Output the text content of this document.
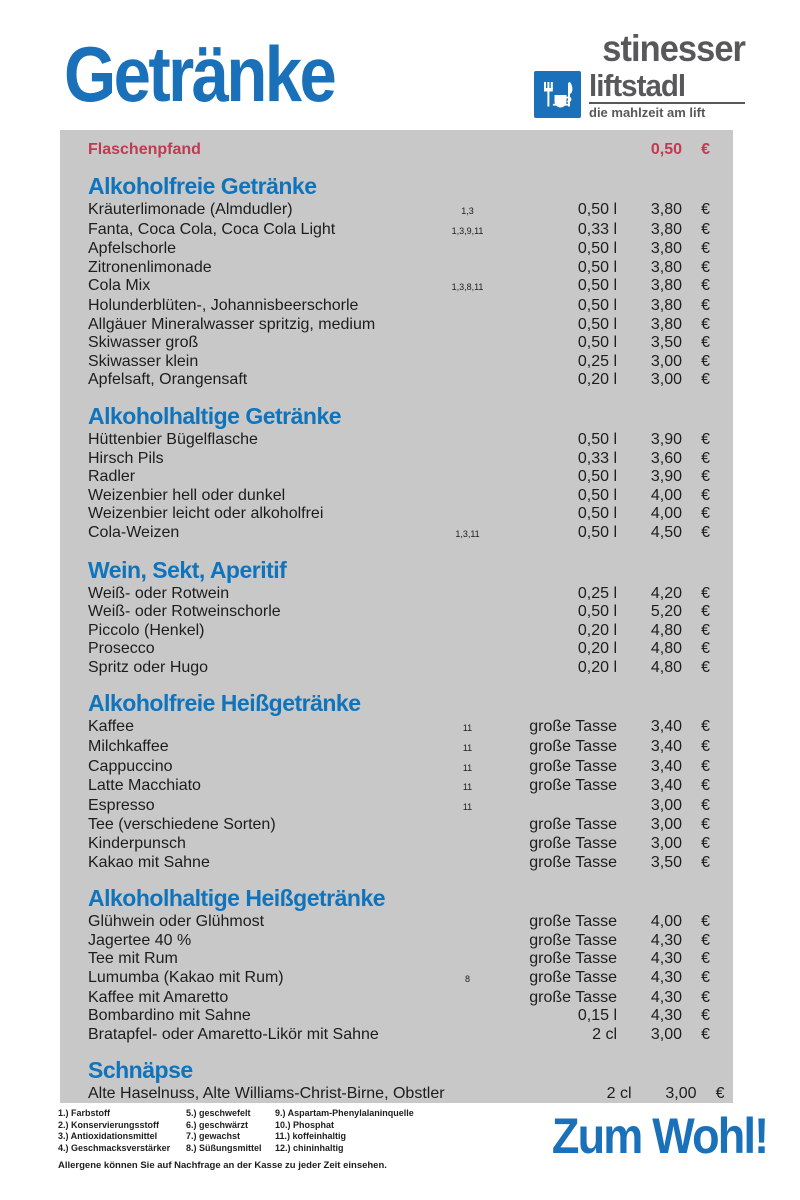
Getränke	stinesser
liftstadl
die mahlzeit am lift
Flaschenpfand	0,50	€
Alkoholfreie Getränke
Kräuterlimonade (Almdudler)	1,3	0,50 l	3,80	€
Fanta, Coca Cola, Coca Cola Light	1,3,9,11	0,33 l	3,80	€
Apfelschorle	0,50 l	3,80	€
Zitronenlimonade	0,50 l	3,80	€
Cola Mix	1,3,8,11	0,50 l	3,80	€
Holunderblüten-, Johannisbeerschorle	0,50 l	3,80	€
Allgäuer Mineralwasser spritzig, medium	0,50 l	3,80	€
Skiwasser groß	0,50 l	3,50	€
Skiwasser klein	0,25 l	3,00	€
Apfelsaft, Orangensaft	0,20 l	3,00	€
Alkoholhaltige Getränke
Hüttenbier Bügelflasche	0,50 l	3,90	€
Hirsch Pils	0,33 l	3,60	€
Radler	0,50 l	3,90	€
Weizenbier hell oder dunkel	0,50 l	4,00	€
Weizenbier leicht oder alkoholfrei	0,50 l	4,00	€
Cola-Weizen	1,3,11	0,50 l	4,50	€
Wein, Sekt, Aperitif
Weiß- oder Rotwein	0,25 l	4,20	€
Weiß- oder Rotweinschorle	0,50 l	5,20	€
Piccolo (Henkel)	0,20 l	4,80	€
Prosecco	0,20 l	4,80	€
Spritz oder Hugo	0,20 l	4,80	€
Alkoholfreie Heißgetränke
Kaffee	11	große Tasse	3,40	€
Milchkaffee	11	große Tasse	3,40	€
Cappuccino	11	große Tasse	3,40	€
Latte Macchiato	11	große Tasse	3,40	€
Espresso	11	3,00	€
Tee (verschiedene Sorten)	große Tasse	3,00	€
Kinderpunsch	große Tasse	3,00	€
Kakao mit Sahne	große Tasse	3,50	€
Alkoholhaltige Heißgetränke
Glühwein oder Glühmost	große Tasse	4,00	€
Jagertee 40 %	große Tasse	4,30	€
Tee mit Rum	große Tasse	4,30	€
Lumumba (Kakao mit Rum)	8	große Tasse	4,30	€
Kaffee mit Amaretto	große Tasse	4,30	€
Bombardino mit Sahne	0,15 l	4,30	€
Bratapfel- oder Amaretto-Likör mit Sahne	2 cl	3,00	€
Schnäpse
Alte Haselnuss, Alte Williams-Christ-Birne, Obstler	2 cl	3,00	€
1.) Farbstoff
2.) Konservierungsstoff
3.) Antioxidationsmittel
4.) Geschmacksverstärker
5.) geschwefelt
6.) geschwärzt
7.) gewachst
8.) Süßungsmittel
9.) Aspartam-Phenylalaninquelle
10.) Phosphat
11.) koffeinhaltig
12.) chininhaltig
Allergene können Sie auf Nachfrage an der Kasse zu jeder Zeit einsehen.
Zum Wohl!
